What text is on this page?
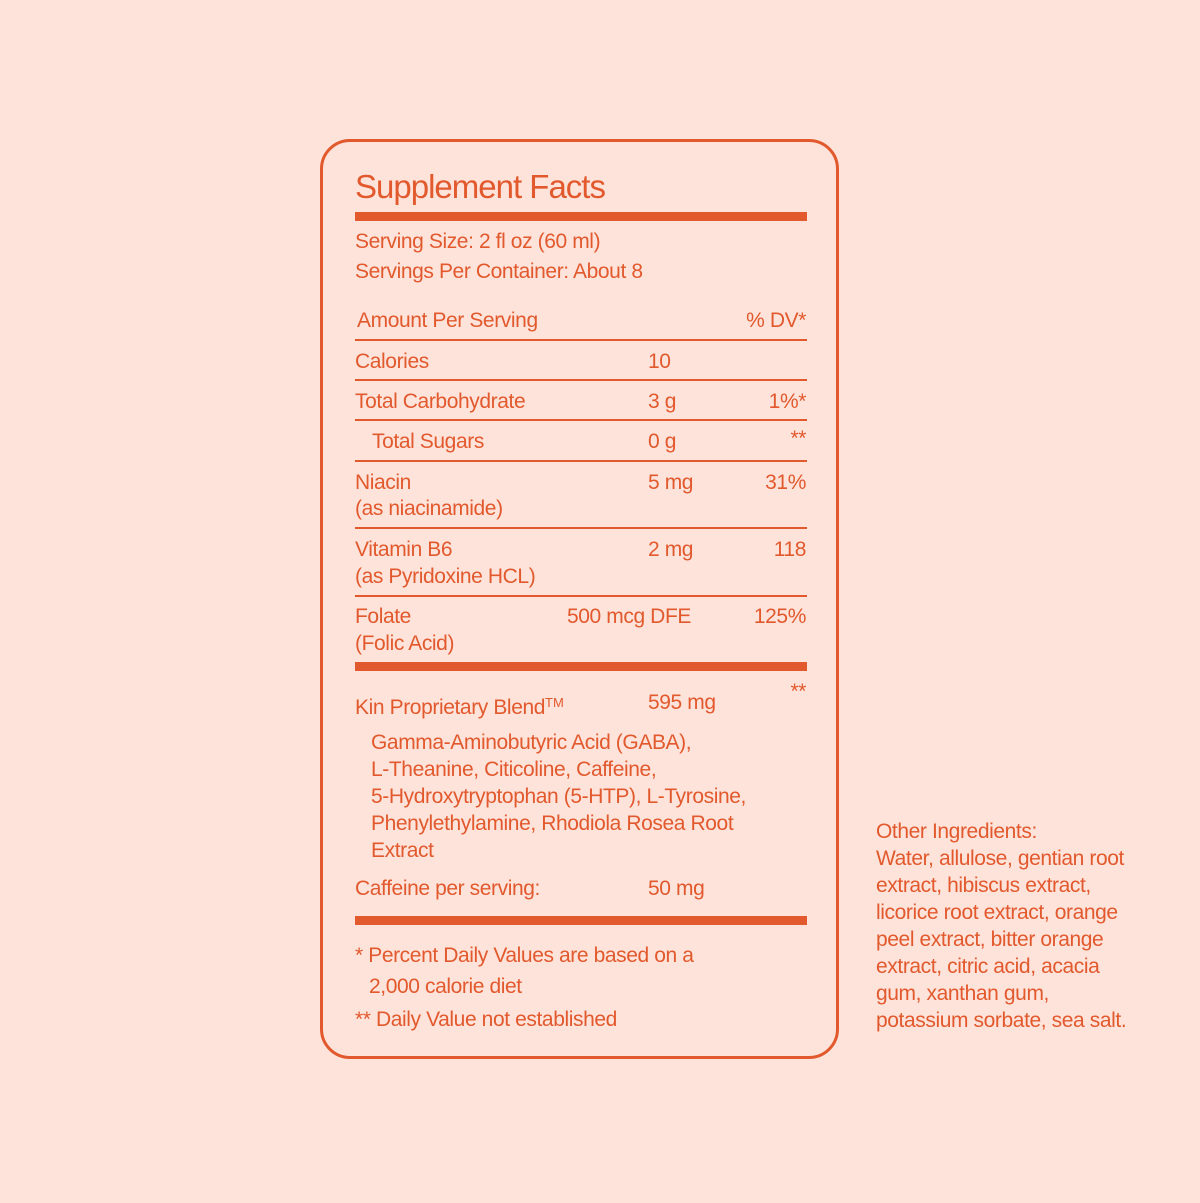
Supplement Facts
Serving Size: 2 fl oz (60 ml)
Servings Per Container: About 8
Amount Per Serving	% DV*
Calories	10
Total Carbohydrate	3 g	1%*
Total Sugars	0 g	**
Niacin
(as niacinamide)
5 mg	31%
Vitamin B6
(as Pyridoxine HCL)
2 mg	118
Folate
(Folic Acid)
500 mcg DFE	125%
Kin Proprietary Blend™	595 mg	**
Gamma-Aminobutyric Acid (GABA),
L-Theanine, Citicoline, Caffeine,
5-Hydroxytryptophan (5-HTP), L-Tyrosine,
Phenylethylamine, Rhodiola Rosea Root
Extract
Caffeine per serving:	50 mg
* Percent Daily Values are based on a
2,000 calorie diet
** Daily Value not established
Other Ingredients:
Water, allulose, gentian root
extract, hibiscus extract,
licorice root extract, orange
peel extract, bitter orange
extract, citric acid, acacia
gum, xanthan gum,
potassium sorbate, sea salt.
